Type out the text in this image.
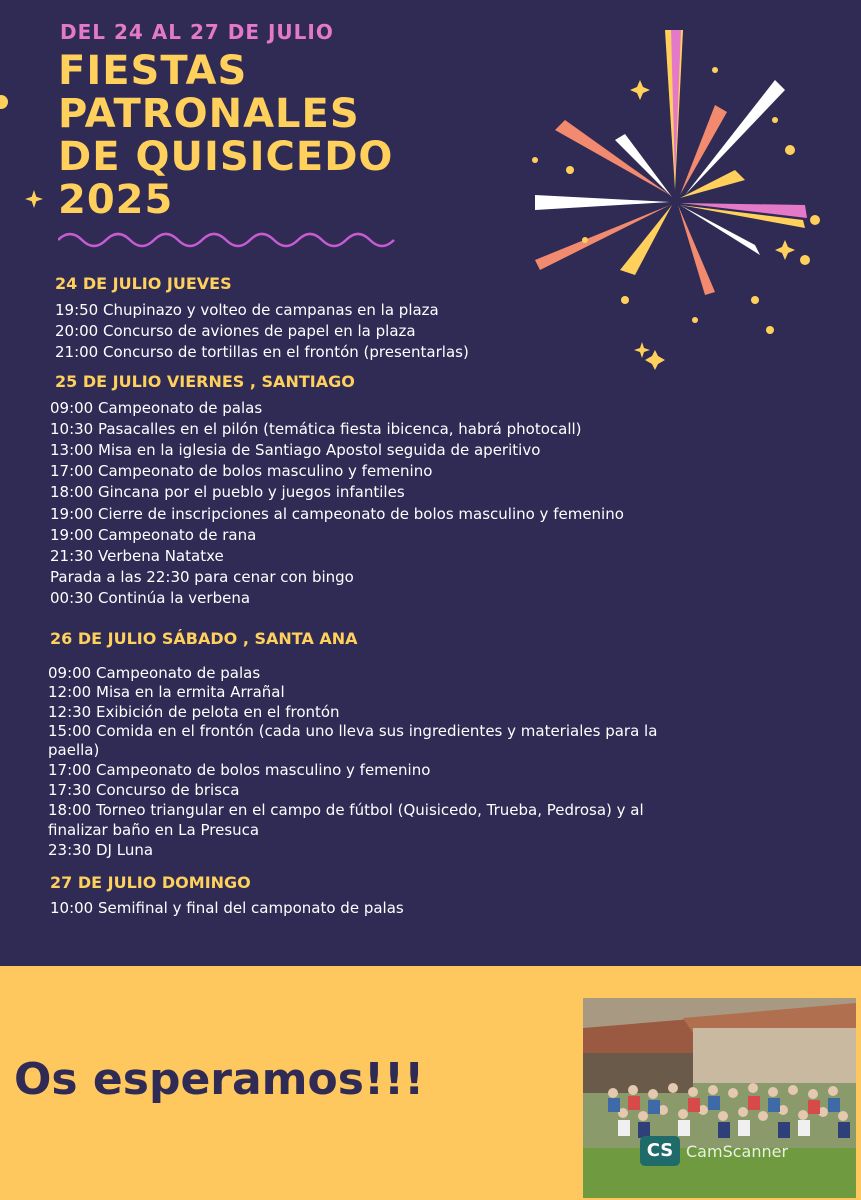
DEL 24 AL 27 DE JULIO
FIESTAS
PATRONALES
DE QUISICEDO
2025
24 DE JULIO JUEVES
19:50 Chupinazo y volteo de campanas en la plaza
20:00 Concurso de aviones de papel en la plaza
21:00 Concurso de tortillas en el frontón (presentarlas)
25 DE JULIO VIERNES , SANTIAGO
09:00 Campeonato de palas
10:30 Pasacalles en el pilón (temática fiesta ibicenca, habrá photocall)
13:00 Misa en la iglesia de Santiago Apostol seguida de aperitivo
17:00 Campeonato de bolos masculino y femenino
18:00 Gincana por el pueblo y juegos infantiles
19:00 Cierre de inscripciones al campeonato de bolos masculino y femenino
19:00 Campeonato de rana
21:30 Verbena Natatxe
Parada a las 22:30 para cenar con bingo
00:30 Continúa la verbena
26 DE JULIO SÁBADO , SANTA ANA
09:00 Campeonato de palas
12:00 Misa en la ermita Arrañal
12:30 Exibición de pelota en el frontón
15:00 Comida en el frontón (cada uno lleva sus ingredientes y materiales para la
paella)
17:00 Campeonato de bolos masculino y femenino
17:30 Concurso de brisca
18:00 Torneo triangular en el campo de fútbol (Quisicedo, Trueba, Pedrosa) y al
finalizar baño en La Presuca
23:30 DJ Luna
27 DE JULIO DOMINGO
10:00 Semifinal y final del camponato de palas
Os esperamos!!!
CS CamScanner
